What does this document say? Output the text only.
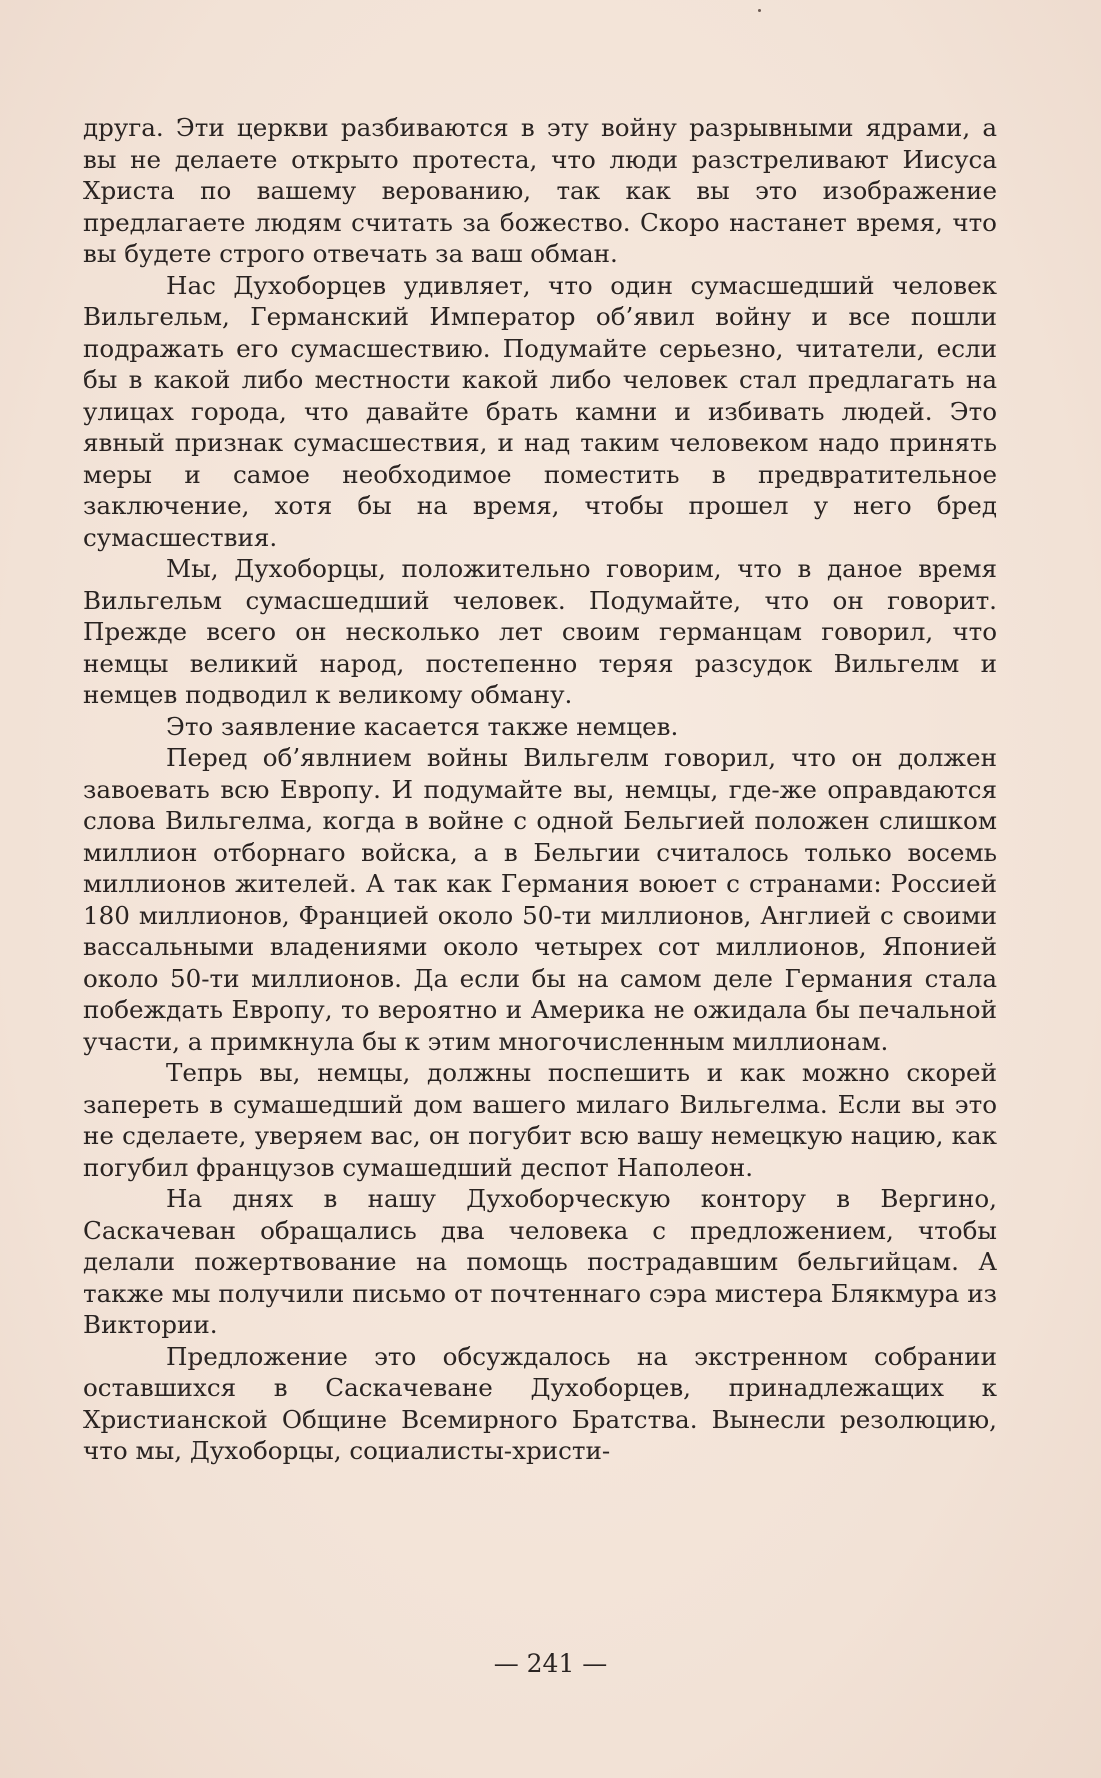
друга. Эти церкви разбиваются в эту войну разрывными ядрами, а вы не делаете открыто протеста, что люди разстреливают Иисуса Христа по вашему верованию, так как вы это изображение предлагаете людям считать за божество. Скоро настанет время, что вы будете строго отвечать за ваш обман.

Нас Духоборцев удивляет, что один сумасшедший человек Вильгельм, Германский Император об’явил войну и все пошли подражать его сумасшествию. Подумайте серьезно, читатели, если бы в какой либо местности какой либо человек стал предлагать на улицах города, что давайте брать камни и избивать людей. Это явный признак сумасшествия, и над таким человеком надо принять меры и самое необходимое поместить в предвратительное заключение, хотя бы на время, чтобы прошел у него бред сумасшествия.

Мы, Духоборцы, положительно говорим, что в даное время Вильгельм сумасшедший человек. Подумайте, что он говорит. Прежде всего он несколько лет своим германцам говорил, что немцы великий народ, постепенно теряя разсудок Вильгелм и немцев подводил к великому обману.

Это заявление касается также немцев.

Перед об’явлнием войны Вильгелм говорил, что он должен завоевать всю Европу. И подумайте вы, немцы, где-же оправдаются слова Вильгелма, когда в войне с одной Бельгией положен слишком миллион отборнаго войска, а в Бельгии считалось только восемь миллионов жителей. А так как Германия воюет с странами: Россией 180 миллионов, Францией около 50-ти миллионов, Англией с своими вассальными владениями около четырех сот миллионов, Японией около 50-ти миллионов. Да если бы на самом деле Германия стала побеждать Европу, то вероятно и Америка не ожидала бы печальной участи, а примкнула бы к этим многочисленным миллионам.

Тепрь вы, немцы, должны поспешить и как можно скорей запереть в сумашедший дом вашего милаго Вильгелма. Если вы это не сделаете, уверяем вас, он погубит всю вашу немецкую нацию, как погубил французов сумашедший деспот Наполеон.

На днях в нашу Духоборческую контору в Вергино, Саскачеван обращались два человека с предложением, чтобы делали пожертвование на помощь пострадавшим бельгийцам. А также мы получили письмо от почтеннаго сэра мистера Блякмура из Виктории.

Предложение это обсуждалось на экстренном собрании оставшихся в Саскачеване Духоборцев, принадлежащих к Христианской Общине Всемирного Братства. Вынесли резолюцию, что мы, Духоборцы, социалисты-христи-

— 241 —
